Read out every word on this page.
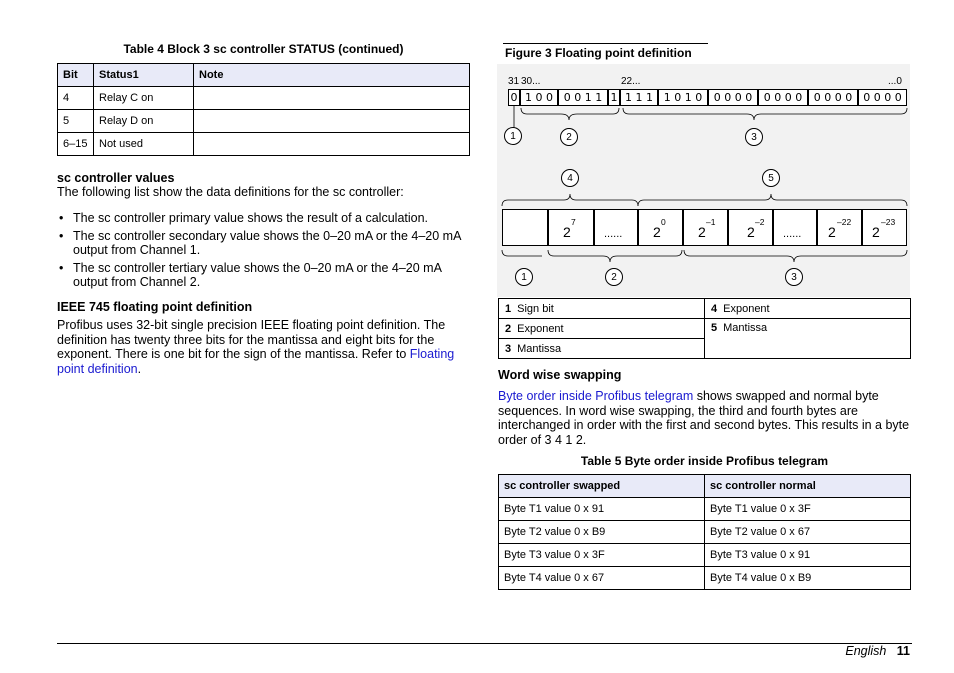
Table 4 Block 3 sc controller STATUS (continued)
Bit	Status1	Note
4	Relay C on	
5	Relay D on	
6–15	Not used	
sc controller values
The following list show the data definitions for the sc controller:
• The sc controller primary value shows the result of a calculation.
• The sc controller secondary value shows the 0–20 mA or the 4–20 mA output from Channel 1.
• The sc controller tertiary value shows the 0–20 mA or the 4–20 mA output from Channel 2.
IEEE 745 floating point definition
Profibus uses 32-bit single precision IEEE floating point definition. The definition has twenty three bits for the mantissa and eight bits for the exponent. There is one bit for the sign of the mantissa. Refer to Floating point definition.
Figure 3 Floating point definition
31 30...	22...	...0
0 1 0 0 0 0 1 1 1 1 1 1 1 0 1 0	0 0 0 0	0 0 0 0	0 0 0 0	0 0 0 0
1	2	3
4	5
2
7
...... 2
0
2
–1
2
–2
...... 2
–22
2
–23
1	2	3
1 Sign bit	4 Exponent
2 Exponent	5 Mantissa
3 Mantissa	
Word wise swapping
Byte order inside Profibus telegram shows swapped and normal byte sequences. In word wise swapping, the third and fourth bytes are interchanged in order with the first and second bytes. This results in a byte order of 3 4 1 2.
Table 5 Byte order inside Profibus telegram
sc controller swapped	sc controller normal
Byte T1 value 0 x 91	Byte T1 value 0 x 3F
Byte T2 value 0 x B9	Byte T2 value 0 x 67
Byte T3 value 0 x 3F	Byte T3 value 0 x 91
Byte T4 value 0 x 67	Byte T4 value 0 x B9
English 11
